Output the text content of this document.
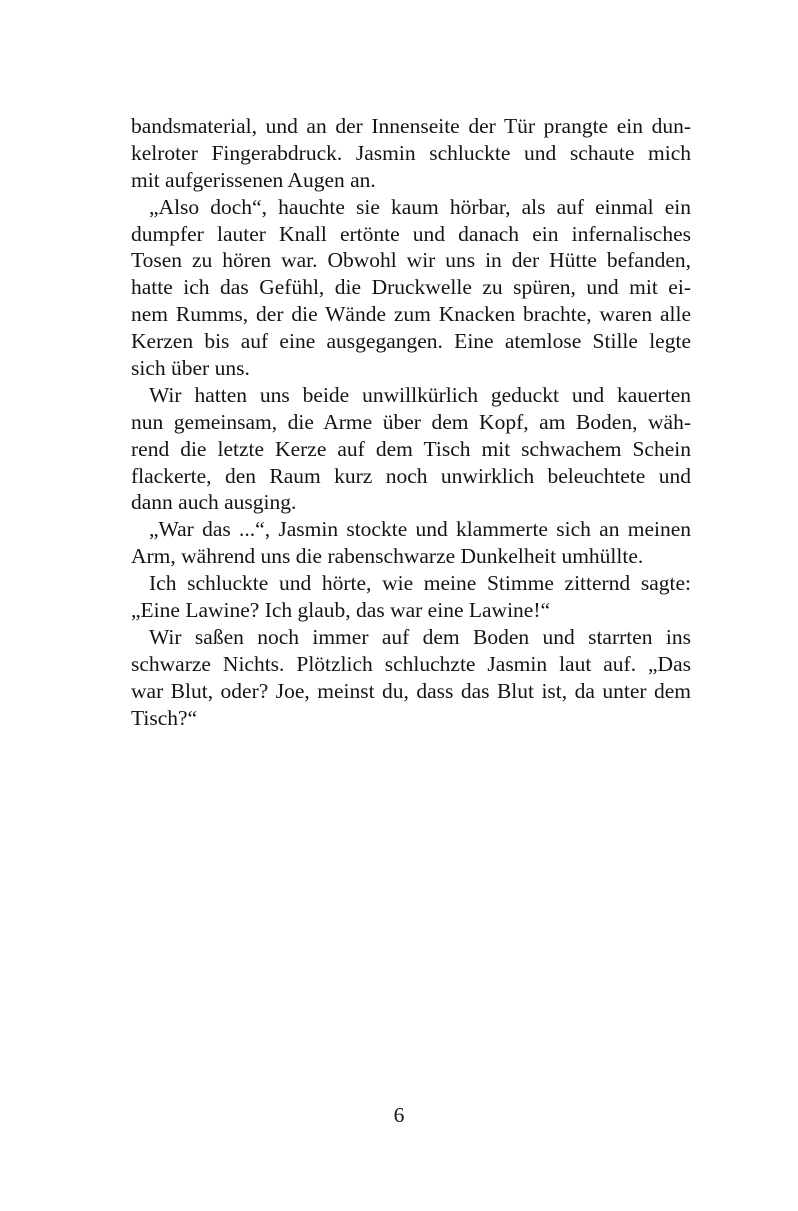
bandsmaterial, und an der Innenseite der Tür prangte ein dun-
kelroter Fingerabdruck. Jasmin schluckte und schaute mich
mit aufgerissenen Augen an.
„Also doch“, hauchte sie kaum hörbar, als auf einmal ein
dumpfer lauter Knall ertönte und danach ein infernalisches
Tosen zu hören war. Obwohl wir uns in der Hütte befanden,
hatte ich das Gefühl, die Druckwelle zu spüren, und mit ei-
nem Rumms, der die Wände zum Knacken brachte, waren alle
Kerzen bis auf eine ausgegangen. Eine atemlose Stille legte
sich über uns.
Wir hatten uns beide unwillkürlich geduckt und kauerten
nun gemeinsam, die Arme über dem Kopf, am Boden, wäh-
rend die letzte Kerze auf dem Tisch mit schwachem Schein
flackerte, den Raum kurz noch unwirklich beleuchtete und
dann auch ausging.
„War das ...“, Jasmin stockte und klammerte sich an meinen
Arm, während uns die rabenschwarze Dunkelheit umhüllte.
Ich schluckte und hörte, wie meine Stimme zitternd sagte:
„Eine Lawine? Ich glaub, das war eine Lawine!“
Wir saßen noch immer auf dem Boden und starrten ins
schwarze Nichts. Plötzlich schluchzte Jasmin laut auf. „Das
war Blut, oder? Joe, meinst du, dass das Blut ist, da unter dem
Tisch?“
6
